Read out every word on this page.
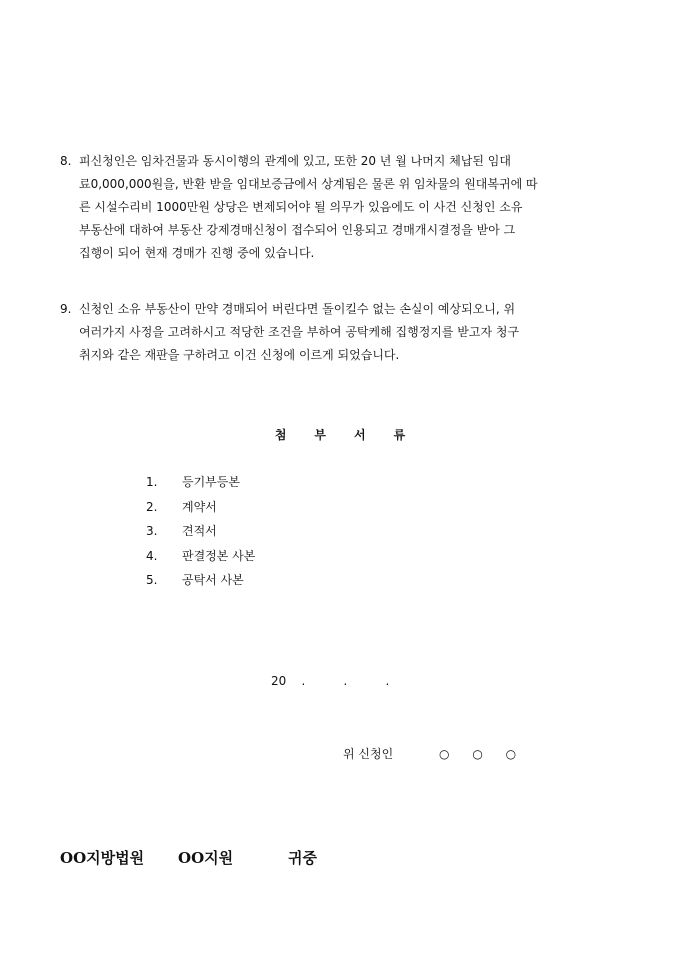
8. 피신청인은 임차건물과 동시이행의 관계에 있고, 또한 20 년 월 나머지 체납된 임대
료0,000,000원을, 반환 받을 임대보증금에서 상계됨은 물론 위 임차물의 원대복귀에 따
른 시설수리비 1000만원 상당은 변제되어야 될 의무가 있음에도 이 사건 신청인 소유
부동산에 대하여 부동산 강제경매신청이 접수되어 인용되고 경매개시결정을 받아 그
집행이 되어 현재 경매가 진행 중에 있습니다.
9. 신청인 소유 부동산이 만약 경매되어 버린다면 돌이킬수 없는 손실이 예상되오니, 위
여러가지 사정을 고려하시고 적당한 조건을 부하여 공탁케해 집행정지를 받고자 청구
취지와 같은 재판을 구하려고 이건 신청에 이르게 되었습니다.
첨부서류
1. 등기부등본
2. 계약서
3. 견적서
4. 판결정본 사본
5. 공탁서 사본
20    .          .          .
위 신청인            ○      ○      ○
OO지방법원 OO지원	귀중
